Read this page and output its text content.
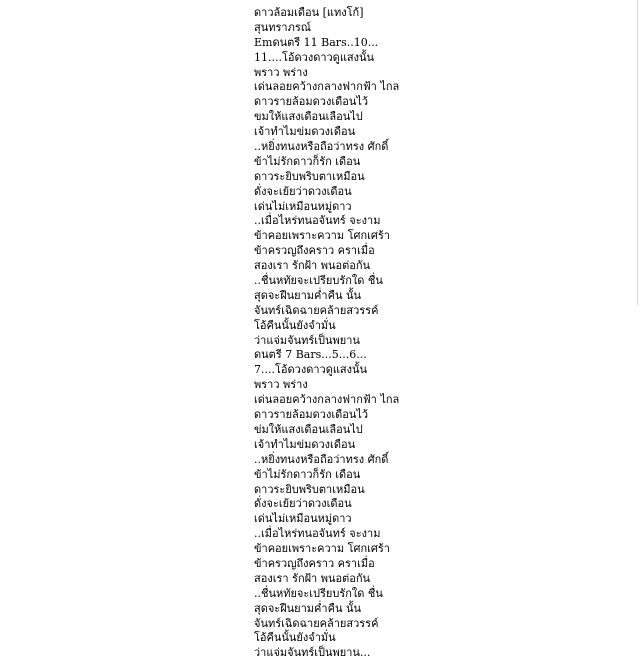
ดาวล้อมเดือน [แทงโก้]
สุนทราภรณ์
Emดนตรี 11 Bars..10...
11....โอ้ดวงดาวดูแสงนั้น
พราว พร่าง
เด่นลอยคว้างกลางฟากฟ้า ไกล
ดาวรายล้อมดวงเดือนไว้
ขมให้แสงเดือนเลือนไป
เจ้าทำไมข่มดวงเดือน
..หยิ่งทนงหรือถือว่าทรง ศักดิ์
ข้าไม่รักดาวก็รัก เดือน
ดาวระยิบพริบตาเหมือน
ดั่งจะเย้ยว่าดวงเดือน
เด่นไม่เหมือนหมู่ดาว
..เมื่อไหร่ทนอจันทร์ จะงาม
ข้าคอยเพราะความ โศกเศร้า
ข้าครวญถึงคราว คราเมื่อ
สองเรา รักฝ้า พนอต่อกัน
..ชื่นหทัยจะเปรียบรักใด ชื่น
สุดจะฝืนยามค่ำคืน นั้น
จันทร์เฉิดฉายคล้ายสวรรค์
โอ้คืนนั้นยังจำมั่น
ว่าแจ่มจันทร์เป็นพยาน
ดนตรี 7 Bars...5...6...
7....โอ้ดวงดาวดูแสงนั้น
พราว พร่าง
เด่นลอยคว้างกลางฟากฟ้า ไกล
ดาวรายล้อมดวงเดือนไว้
ข่มให้แสงเดือนเลือนไป
เจ้าทำไมข่มดวงเดือน
..หยิ่งทนงหรือถือว่าทรง ศักดิ์
ข้าไม่รักดาวก็รัก เดือน
ดาวระยิบพริบตาเหมือน
ดั่งจะเย้ยว่าดวงเดือน
เด่นไม่เหมือนหมู่ดาว
..เมื่อไหร่ทนอจันทร์ จะงาม
ข้าคอยเพราะความ โศกเศร้า
ข้าครวญถึงคราว คราเมื่อ
สองเรา รักฝ้า พนอต่อกัน
..ชื่นหทัยจะเปรียบรักใด ชื่น
สุดจะฝืนยามค่ำคืน นั้น
จันทร์เฉิดฉายคล้ายสวรรค์
โอ้คืนนั้นยังจำมั่น
ว่าแจ่มจันทร์เป็นพยาน...
